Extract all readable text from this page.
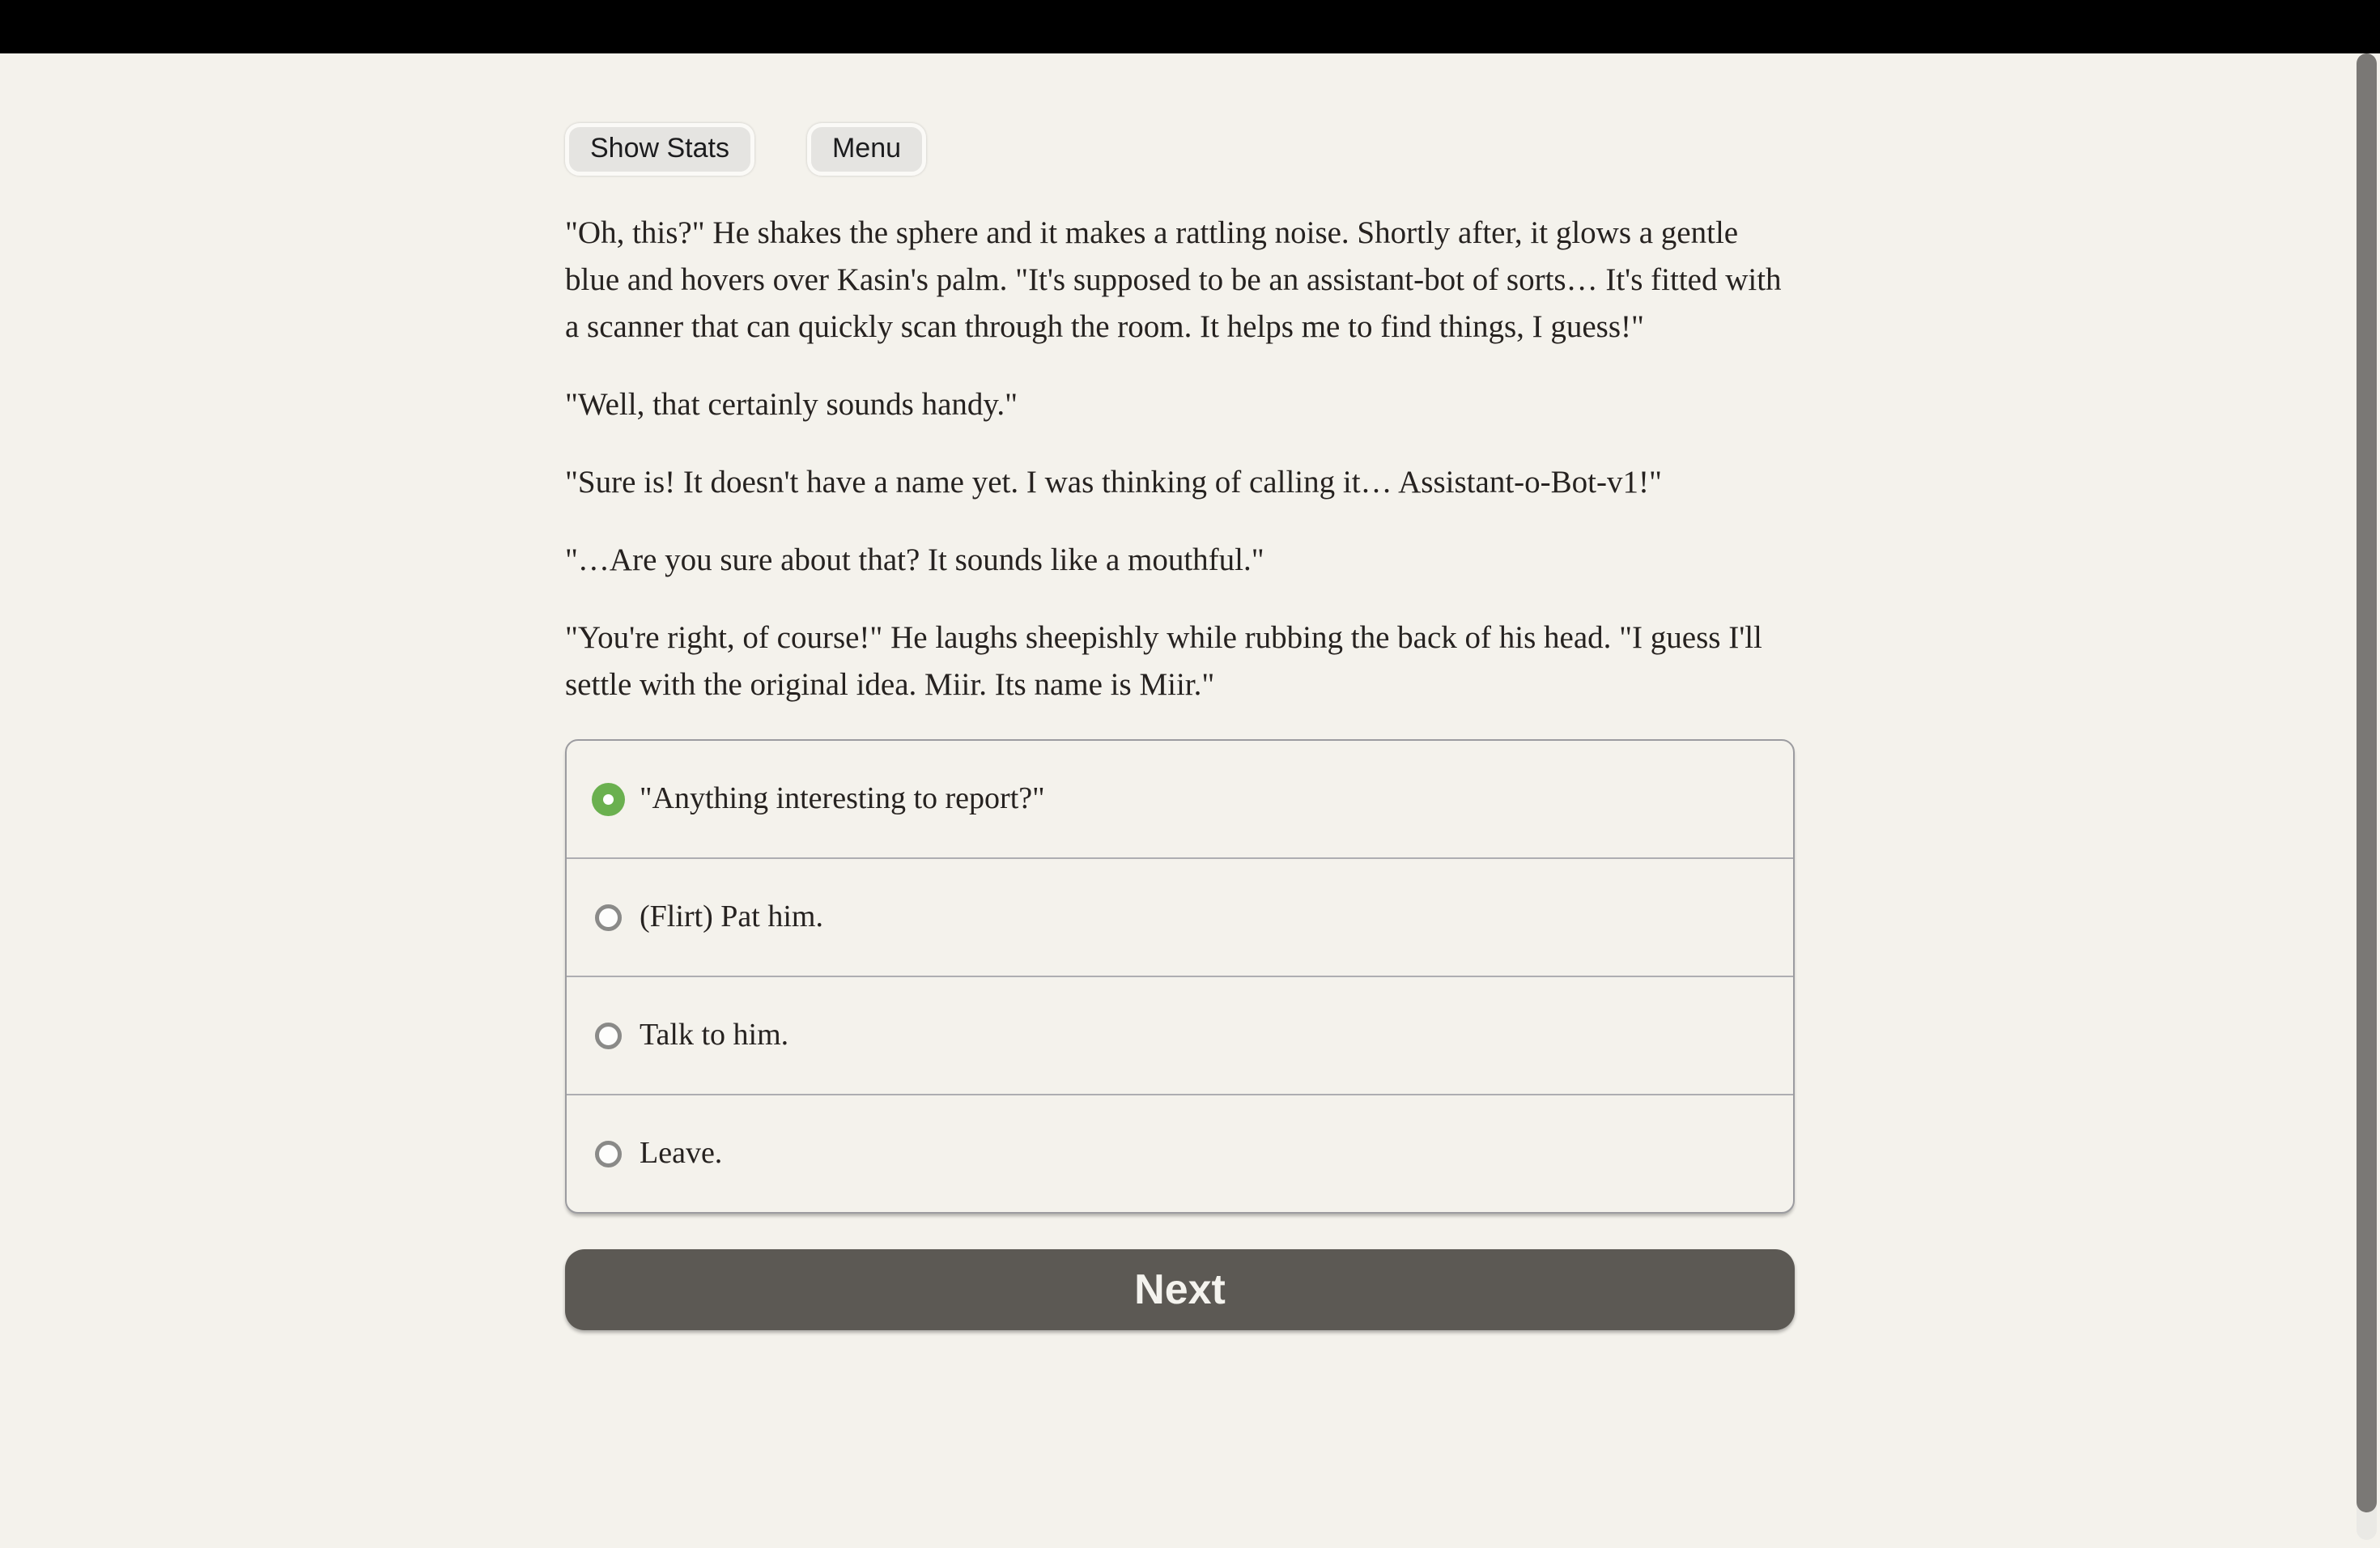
Show Stats	Menu

"Oh, this?" He shakes the sphere and it makes a rattling noise. Shortly after, it glows a gentle blue and hovers over Kasin's palm. "It's supposed to be an assistant-bot of sorts… It's fitted with a scanner that can quickly scan through the room. It helps me to find things, I guess!"

"Well, that certainly sounds handy."

"Sure is! It doesn't have a name yet. I was thinking of calling it… Assistant-o-Bot-v1!"

"…Are you sure about that? It sounds like a mouthful."

"You're right, of course!" He laughs sheepishly while rubbing the back of his head. "I guess I'll settle with the original idea. Miir. Its name is Miir."

"Anything interesting to report?"
(Flirt) Pat him.
Talk to him.
Leave.
Next
